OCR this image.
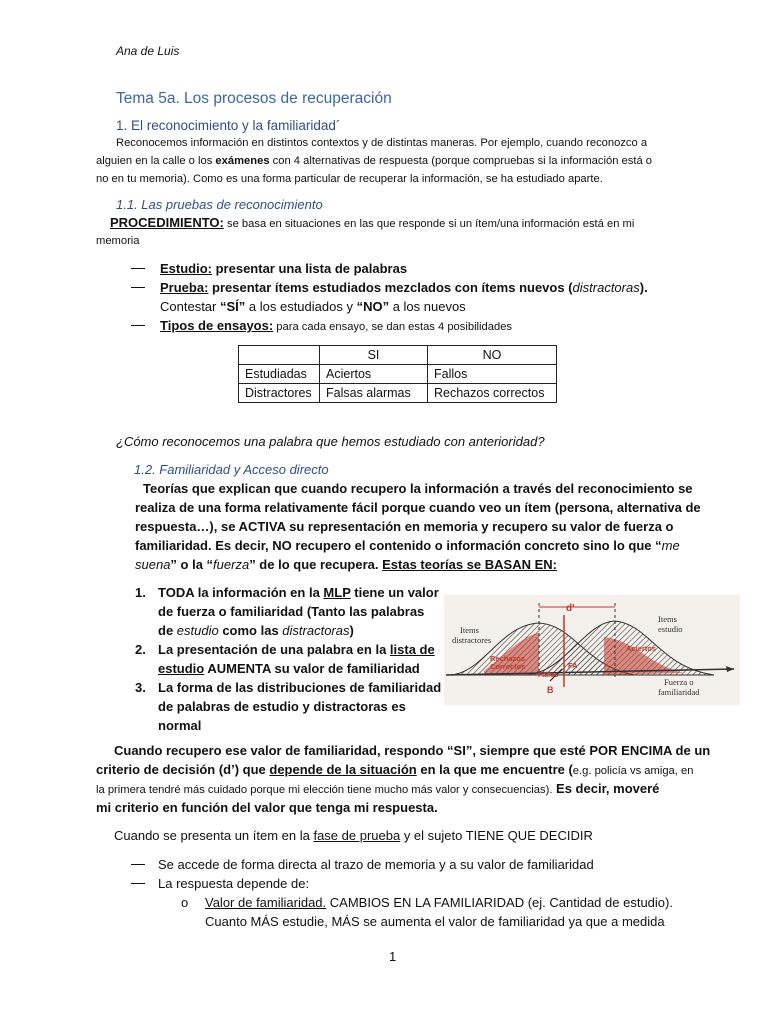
Ana de Luis
Tema 5a. Los procesos de recuperación
1. El reconocimiento y la familiaridad´
Reconocemos información en distintos contextos y de distintas maneras. Por ejemplo, cuando reconozco a
alguien en la calle o los exámenes con 4 alternativas de respuesta (porque compruebas si la información está o
no en tu memoria). Como es una forma particular de recuperar la información, se ha estudiado aparte.
1.1. Las pruebas de reconocimiento
PROCEDIMIENTO: se basa en situaciones en las que responde si un ítem/una información está en mi
memoria
Estudio: presentar una lista de palabras
Prueba: presentar ítems estudiados mezclados con ítems nuevos (distractoras).
Contestar “SÍ” a los estudiados y “NO” a los nuevos
Tipos de ensayos: para cada ensayo, se dan estas 4 posibilidades
	SI	NO
Estudiadas	Aciertos	Fallos
Distractores	Falsas alarmas	Rechazos correctos
¿Cómo reconocemos una palabra que hemos estudiado con anterioridad?
1.2. Familiaridad y Acceso directo
Teorías que explican que cuando recupero la información a través del reconocimiento se
realiza de una forma relativamente fácil porque cuando veo un ítem (persona, alternativa de
respuesta…), se ACTIVA su representación en memoria y recupero su valor de fuerza o
familiaridad. Es decir, NO recupero el contenido o información concreto sino lo que “me
suena” o la “fuerza” de lo que recupera. Estas teorías se BASAN EN:
1. TODA la información en la MLP tiene un valor
de fuerza o familiaridad (Tanto las palabras
de estudio como las distractoras)
2. La presentación de una palabra en la lista de
estudio AUMENTA su valor de familiaridad
3. La forma de las distribuciones de familiaridad
de palabras de estudio y distractoras es
normal
d'
Items
distractores
Items
estudio
Rechazos
Correctos
Aciertos
FA
Fallos
B
Fuerza o
familiaridad
Cuando recupero ese valor de familiaridad, respondo “SI”, siempre que esté POR ENCIMA de un
criterio de decisión (d’) que depende de la situación en la que me encuentre (e.g. policía vs amiga, en
la primera tendré más cuidado porque mi elección tiene mucho más valor y consecuencias). Es decir, moveré
mi criterio en función del valor que tenga mi respuesta.
Cuando se presenta un ítem en la fase de prueba y el sujeto TIENE QUE DECIDIR
Se accede de forma directa al trazo de memoria y a su valor de familiaridad
La respuesta depende de:
o Valor de familiaridad. CAMBIOS EN LA FAMILIARIDAD (ej. Cantidad de estudio).
Cuanto MÁS estudie, MÁS se aumenta el valor de familiaridad ya que a medida
1
